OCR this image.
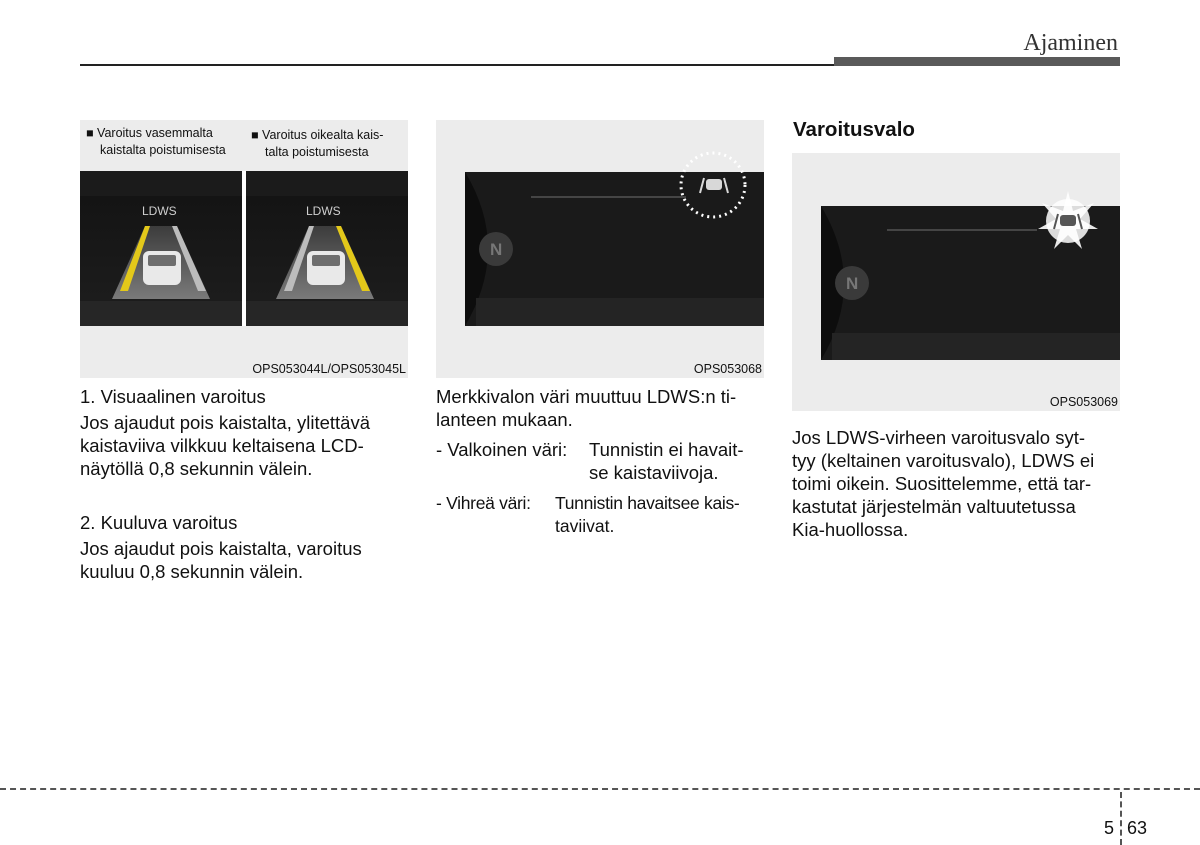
Ajaminen
■ Varoitus vasemmalta
kaistalta poistumisesta
■ Varoitus oikealta kais-
talta poistumisesta
LDWS	LDWS
OPS053044L/OPS053045L
N
OPS053068
Varoitusvalo
N
OPS053069
1. Visuaalinen varoitus
Jos ajaudut pois kaistalta, ylitettävä
kaistaviiva vilkkuu keltaisena LCD-
näytöllä 0,8 sekunnin välein.
2. Kuuluva varoitus
Jos ajaudut pois kaistalta, varoitus
kuuluu 0,8 sekunnin välein.
Merkkivalon väri muuttuu LDWS:n ti-
lanteen mukaan.
- Valkoinen väri: Tunnistin ei havait-
se kaistaviivoja.
- Vihreä väri: Tunnistin havaitsee kais-
taviivat.
Jos LDWS-virheen varoitusvalo syt-
tyy (keltainen varoitusvalo), LDWS ei
toimi oikein. Suosittelemme, että tar-
kastutat järjestelmän valtuutetussa
Kia-huollossa.
5 63
